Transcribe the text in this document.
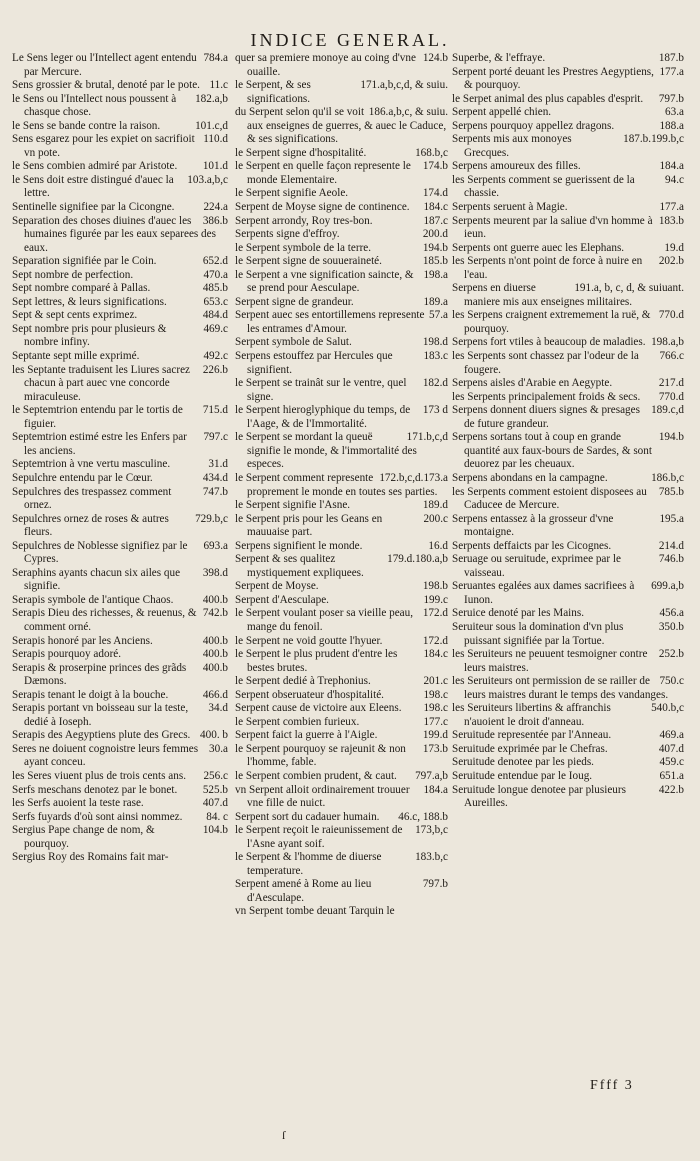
INDICE GENERAL.

784.a
Le Sens leger ou l'Intellect agent entendu par Mercure.

11.c
Sens grossier & brutal, denoté par le pote.

182.a,b
le Sens ou l'Intellect nous poussent à chasque chose.

101.c,d
le Sens se bande contre la raison.

110.d
Sens esgarez pour les expiet on sacrifioit vn pote.

101.d
le Sens combien admiré par Aristote.

103.a,b,c
le Sens doit estre distingué d'auec la lettre.

224.a
Sentinelle signifiee par la Cicongne.

386.b
Separation des choses diuines d'auec les humaines figurée par les eaux separees des eaux.

652.d
Separation signifiée par le Coin.

470.a
Sept nombre de perfection.

485.b
Sept nombre comparé à Pallas.

653.c
Sept lettres, & leurs significations.

484.d
Sept & sept cents exprimez.

469.c
Sept nombre pris pour plusieurs & nombre infiny.

492.c
Septante sept mille exprimé.

226.b
les Septante traduisent les Liures sacrez chacun à part auec vne concorde miraculeuse.

715.d
le Septemtrion entendu par le tortis de figuier.

797.c
Septemtrion estimé estre les Enfers par les anciens.

31.d
Septemtrion à vne vertu masculine.

434.d
Sepulchre entendu par le Cœur.

747.b
Sepulchres des trespassez comment ornez.

729.b,c
Sepulchres ornez de roses & autres fleurs.

693.a
Sepulchres de Noblesse signifiez par le Cypres.

398.d
Seraphins ayants chacun six ailes que signifie.

400.b
Serapis symbole de l'antique Chaos.

742.b
Serapis Dieu des richesses, & reuenus, & comment orné.

400.b
Serapis honoré par les Anciens.

400.b
Serapis pourquoy adoré.

400.b
Serapis & proserpine princes des grãds Dæmons.

466.d
Serapis tenant le doigt à la bouche.

34.d
Serapis portant vn boisseau sur la teste, dedié à Ioseph.

400. b
Serapis des Aegyptiens plute des Grecs.

30.a
Seres ne doiuent cognoistre leurs femmes ayant conceu.

256.c
les Seres viuent plus de trois cents ans.

525.b
Serfs meschans denotez par le bonet.

407.d
les Serfs auoient la teste rase.

84. c
Serfs fuyards d'où sont ainsi nommez.

104.b
Sergius Pape change de nom, & pourquoy.

Sergius Roy des Romains fait mar-

124.b
quer sa premiere monoye au coing d'vne ouaille.

171.a,b,c,d, & suiu.
le Serpent, & ses significations.

186.a,b,c, & suiu.
du Serpent selon qu'il se voit aux enseignes de guerres, & auec le Caduce, & ses significations.

168.b,c
le Serpent signe d'hospitalité.

174.b
le Serpent en quelle façon represente le monde Elementaire.

174.d
le Serpent signifie Aeole.

184.c
Serpent de Moyse signe de continence.

187.c
Serpent arrondy, Roy tres-bon.

200.d
Serpents signe d'effroy.

194.b
le Serpent symbole de la terre.

185.b
le Serpent signe de souueraineté.

198.a
le Serpent a vne signification saincte, & se prend pour Aesculape.

189.a
Serpent signe de grandeur.

57.a
Serpent auec ses entortillemens represente les entrames d'Amour.

198.d
Serpent symbole de Salut.

183.c
Serpens estouffez par Hercules que signifient.

182.d
le Serpent se trainât sur le ventre, quel signe.

173 d
le Serpent hieroglyphique du temps, de l'Aage, & de l'Immortalité.

171.b,c,d
le Serpent se mordant la queuë signifie le monde, & l'immortalité des especes.

172.b,c,d.173.a
le Serpent comment represente proprement le monde en toutes ses parties.

189.d
le Serpent signifie l'Asne.

200.c
le Serpent pris pour les Geans en mauuaise part.

16.d
Serpens signifient le monde.

179.d.180.a,b
Serpent & ses qualitez mystiquement expliquees.

198.b
Serpent de Moyse.

199.c
Serpent d'Aesculape.

172.d
le Serpent voulant poser sa vieille peau, mange du fenoil.

172.d
le Serpent ne void goutte l'hyuer.

184.c
le Serpent le plus prudent d'entre les bestes brutes.

201.c
le Serpent dedié à Trephonius.

198.c
Serpent obseruateur d'hospitalité.

198.c
Serpent cause de victoire aux Eleens.

177.c
le Serpent combien furieux.

199.d
Serpent faict la guerre à l'Aigle.

173.b
le Serpent pourquoy se rajeunit & non l'homme, fable.

797.a,b
le Serpent combien prudent, & caut.

184.a
vn Serpent alloit ordinairement trouuer vne fille de nuict.

46.c, 188.b
Serpent sort du cadauer humain.

173,b,c
le Serpent reçoit le raieunissement de l'Asne ayant soif.

183.b,c
le Serpent & l'homme de diuerse temperature.

797.b
Serpent amené à Rome au lieu d'Aesculape.

vn Serpent tombe deuant Tarquin le

187.b
Superbe, & l'effraye.

177.a
Serpent porté deuant les Prestres Aegyptiens, & pourquoy.

797.b
le Serpet animal des plus capables d'esprit.

63.a
Serpent appellé chien.

188.a
Serpens pourquoy appellez dragons.

187.b.199.b,c
Serpents mis aux monoyes Grecques.

184.a
Serpens amoureux des filles.

94.c
les Serpents comment se guerissent de la chassie.

177.a
Serpents seruent à Magie.

183.b
Serpents meurent par la saliue d'vn homme à ieun.

19.d
Serpents ont guerre auec les Elephans.

202.b
les Serpents n'ont point de force à nuire en l'eau.

191.a, b, c, d, & suiuant.
Serpens en diuerse maniere mis aux enseignes militaires.

770.d
les Serpens craignent extremement la ruë, & pourquoy.

198.a,b
Serpens fort vtiles à beaucoup de maladies.

766.c
les Serpents sont chassez par l'odeur de la fougere.

217.d
Serpens aisles d'Arabie en Aegypte.

770.d
les Serpents principalement froids & secs.

189.c,d
Serpens donnent diuers signes & presages de future grandeur.

194.b
Serpens sortans tout à coup en grande quantité aux faux-bours de Sardes, & sont deuorez par les cheuaux.

186.b,c
Serpens abondans en la campagne.

785.b
les Serpents comment estoient disposees au Caducee de Mercure.

195.a
Serpens entassez à la grosseur d'vne montaigne.

214.d
Serpents deffaicts par les Cicognes.

746.b
Seruage ou seruitude, exprimee par le vaisseau.

699.a,b
Seruantes egalées aux dames sacrifiees à Iunon.

456.a
Seruice denoté par les Mains.

350.b
Seruiteur sous la domination d'vn plus puissant signifiée par la Tortue.

252.b
les Seruiteurs ne peuuent tesmoigner contre leurs maistres.

750.c
les Seruiteurs ont permission de se railler de leurs maistres durant le temps des vandanges.

540.b,c
les Seruiteurs libertins & affranchis n'auoient le droit d'anneau.

469.a
Seruitude representée par l'Anneau.

407.d
Seruitude exprimée par le Chefras.

459.c
Seruitude denotee par les pieds.

651.a
Seruitude entendue par le Ioug.

422.b
Seruitude longue denotee par plusieurs Aureilles.

Ffff 3
ſ
